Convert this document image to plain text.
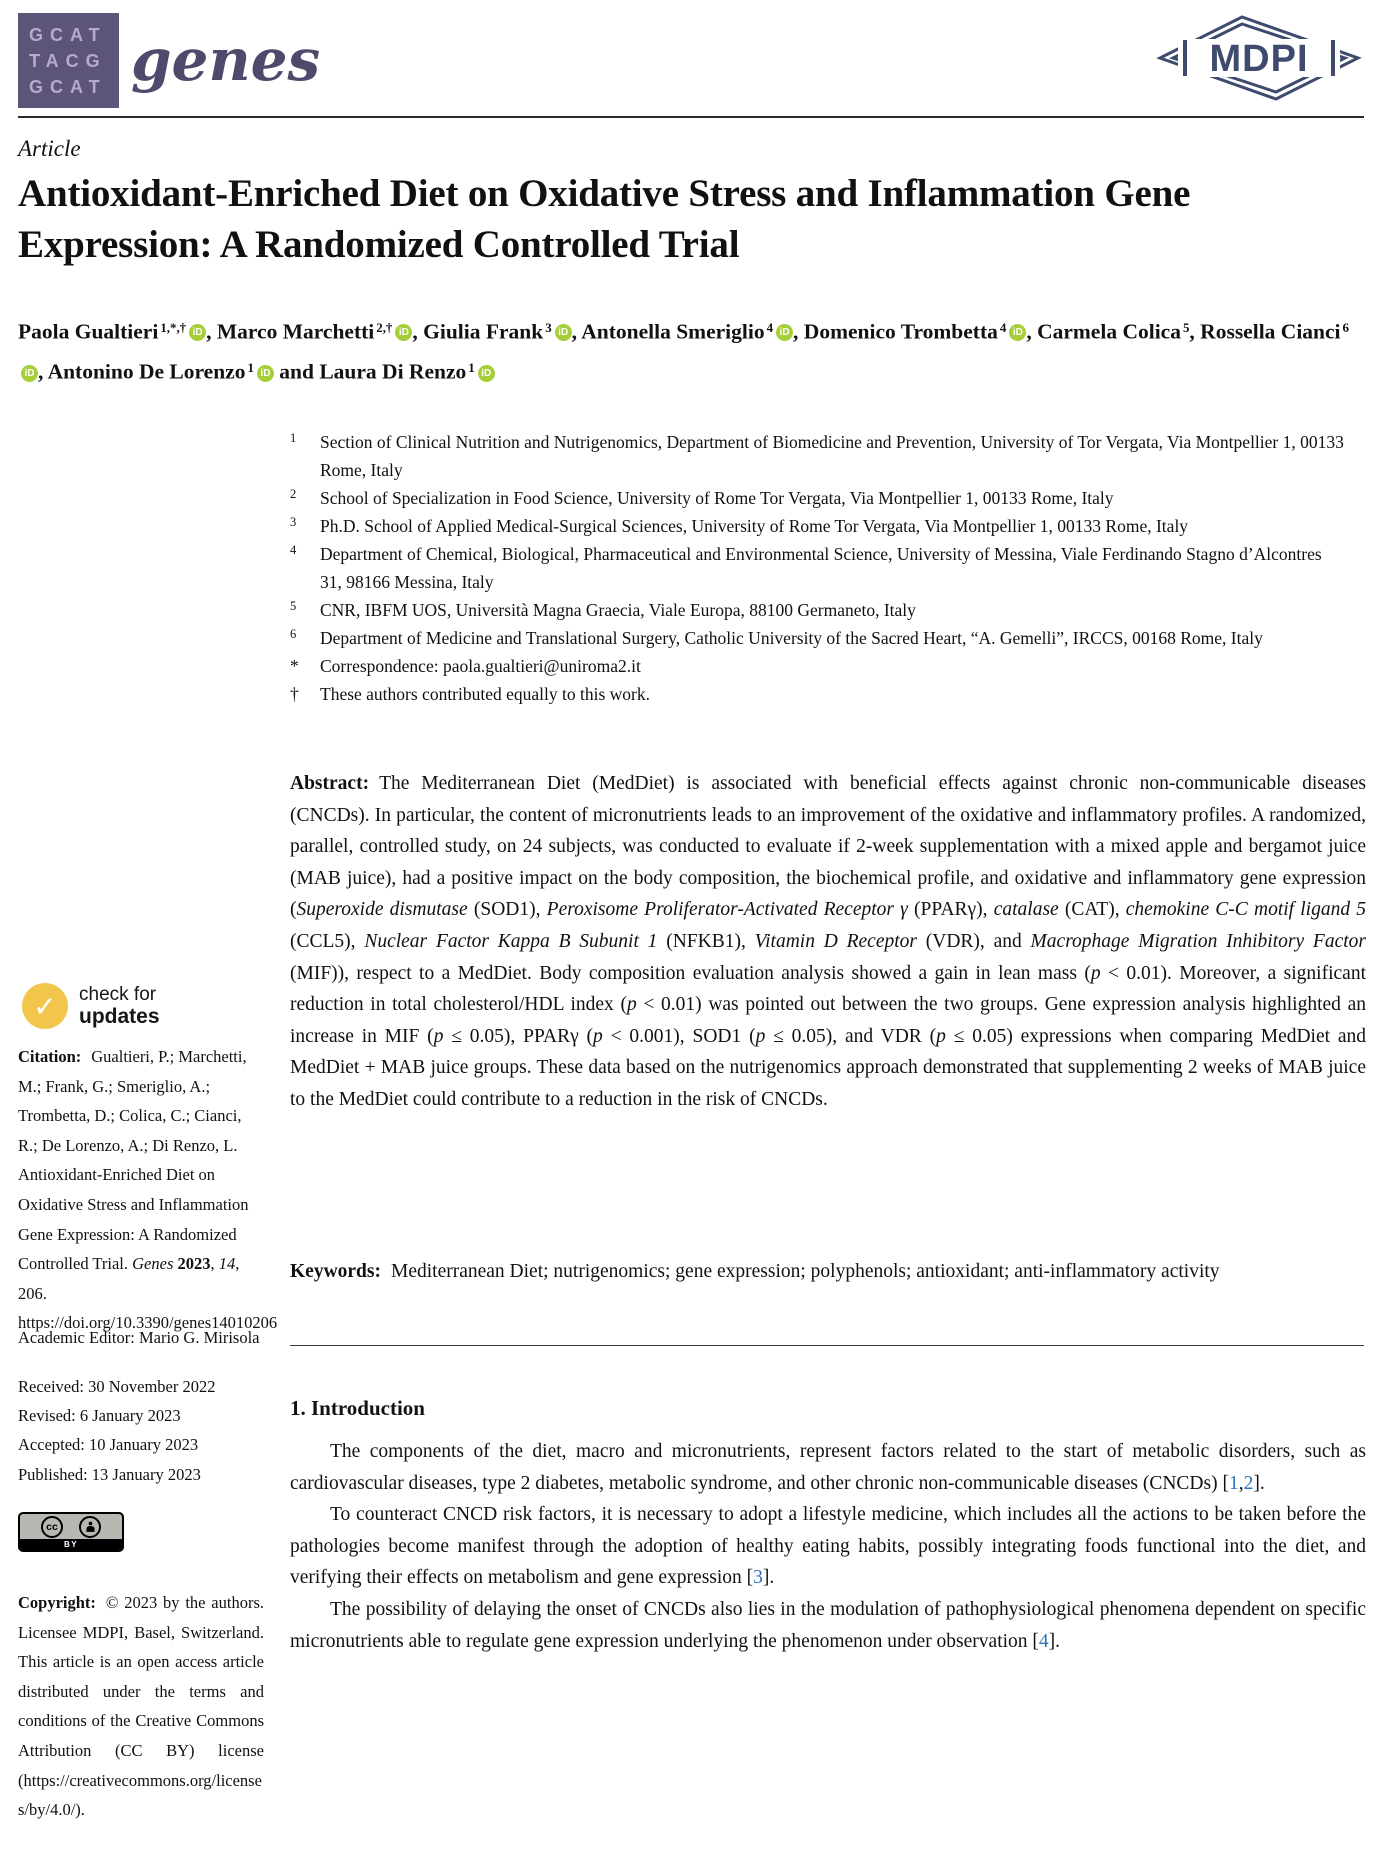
GCAT
TACG
GCAT genes	MDPI
Article
Antioxidant-Enriched Diet on Oxidative Stress and Inflammation Gene Expression: A Randomized Controlled Trial
Paola Gualtieri $^{1,*,\dagger}$ iD , Marco Marchetti $^{2,\dagger}$ iD , Giulia Frank $^3$ iD , Antonella Smeriglio $^4$ iD , Domenico Trombetta $^4$ iD , Carmela Colica $^5$, Rossella Cianci $^6$iD , Antonino De Lorenzo $^1$ iD and Laura Di Renzo $^1$ iD
1	Section of Clinical Nutrition and Nutrigenomics, Department of Biomedicine and Prevention, University of Tor Vergata, Via Montpellier 1, 00133 Rome, Italy
2	School of Specialization in Food Science, University of Rome Tor Vergata, Via Montpellier 1, 00133 Rome, Italy
3	Ph.D. School of Applied Medical-Surgical Sciences, University of Rome Tor Vergata, Via Montpellier 1, 00133 Rome, Italy
4	Department of Chemical, Biological, Pharmaceutical and Environmental Science, University of Messina, Viale Ferdinando Stagno d’Alcontres 31, 98166 Messina, Italy
5	CNR, IBFM UOS, Università Magna Graecia, Viale Europa, 88100 Germaneto, Italy
6	Department of Medicine and Translational Surgery, Catholic University of the Sacred Heart, “A. Gemelli”, IRCCS, 00168 Rome, Italy
*	Correspondence: paola.gualtieri@uniroma2.it
†	These authors contributed equally to this work.
Abstract: The Mediterranean Diet (MedDiet) is associated with beneficial effects against chronic non-communicable diseases (CNCDs). In particular, the content of micronutrients leads to an improvement of the oxidative and inflammatory profiles. A randomized, parallel, controlled study, on 24 subjects, was conducted to evaluate if 2-week supplementation with a mixed apple and bergamot juice (MAB juice), had a positive impact on the body composition, the biochemical profile, and oxidative and inflammatory gene expression (Superoxide dismutase (SOD1), Peroxisome Proliferator-Activated Receptor γ (PPARγ), catalase (CAT), chemokine C-C motif ligand 5 (CCL5), Nuclear Factor Kappa B Subunit 1 (NFKB1), Vitamin D Receptor (VDR), and Macrophage Migration Inhibitory Factor (MIF)), respect to a MedDiet. Body composition evaluation analysis showed a gain in lean mass (p < 0.01). Moreover, a significant reduction in total cholesterol/HDL index (p < 0.01) was pointed out between the two groups. Gene expression analysis highlighted an increase in MIF (p ≤ 0.05), PPARγ (p < 0.001), SOD1 (p ≤ 0.05), and VDR (p ≤ 0.05) expressions when comparing MedDiet and MedDiet + MAB juice groups. These data based on the nutrigenomics approach demonstrated that supplementing 2 weeks of MAB juice to the MedDiet could contribute to a reduction in the risk of CNCDs.
Keywords: Mediterranean Diet; nutrigenomics; gene expression; polyphenols; antioxidant; anti-inflammatory activity
1. Introduction

The components of the diet, macro and micronutrients, represent factors related to the start of metabolic disorders, such as cardiovascular diseases, type 2 diabetes, metabolic syndrome, and other chronic non-communicable diseases (CNCDs) [1,2].

To counteract CNCD risk factors, it is necessary to adopt a lifestyle medicine, which includes all the actions to be taken before the pathologies become manifest through the adoption of healthy eating habits, possibly integrating foods functional into the diet, and verifying their effects on metabolism and gene expression [3].

The possibility of delaying the onset of CNCDs also lies in the modulation of pathophysiological phenomena dependent on specific micronutrients able to regulate gene expression underlying the phenomenon under observation [4].

✓ check for
updates
Citation: Gualtieri, P.; Marchetti, M.; Frank, G.; Smeriglio, A.; Trombetta, D.; Colica, C.; Cianci, R.; De Lorenzo, A.; Di Renzo, L. Antioxidant-Enriched Diet on Oxidative Stress and Inflammation Gene Expression: A Randomized Controlled Trial. Genes 2023, 14, 206. https://doi.org/10.3390/genes14010206
Academic Editor: Mario G. Mirisola
Received: 30 November 2022
Revised: 6 January 2023
Accepted: 10 January 2023
Published: 13 January 2023
cc
BY
Copyright: © 2023 by the authors. Licensee MDPI, Basel, Switzerland. This article is an open access article distributed under the terms and conditions of the Creative Commons Attribution (CC BY) license (https://creativecommons.org/licenses/by/4.0/).
